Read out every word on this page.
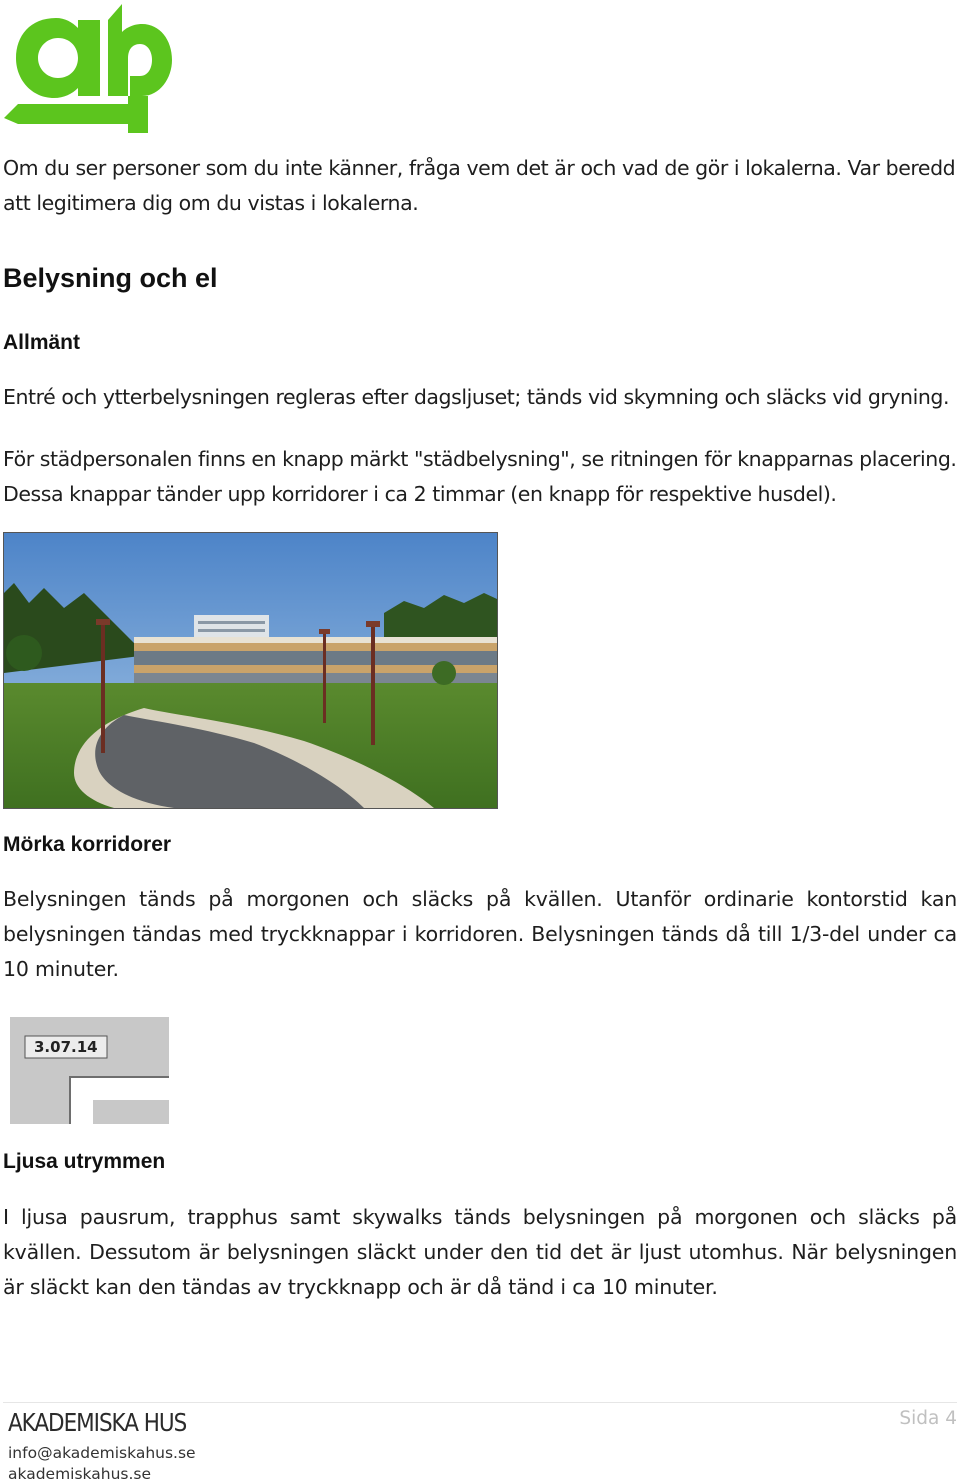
Om du ser personer som du inte känner, fråga vem det är och vad de gör i lokalerna. Var beredd att legitimera dig om du vistas i lokalerna.

Belysning och el
Allmänt

Entré och ytterbelysningen regleras efter dagsljuset; tänds vid skymning och släcks vid gryning.

För städpersonalen finns en knapp märkt "städbelysning", se ritningen för knapparnas placering. Dessa knappar tänder upp korridorer i ca 2 timmar (en knapp för respektive husdel).

Mörka korridorer

Belysningen tänds på morgonen och släcks på kvällen. Utanför ordinarie kontorstid kan belysningen tändas med tryckknappar i korridoren. Belysningen tänds då till 1/3-del under ca 10 minuter.

3.07.14
Ljusa utrymmen

I ljusa pausrum, trapphus samt skywalks tänds belysningen på morgonen och släcks på kvällen. Dessutom är belysningen släckt under den tid det är ljust utomhus. När belysningen är släckt kan den tändas av tryckknapp och är då tänd i ca 10 minuter.

AKADEMISKA HUS
info@akademiskahus.se
akademiskahus.se
Sida 4
